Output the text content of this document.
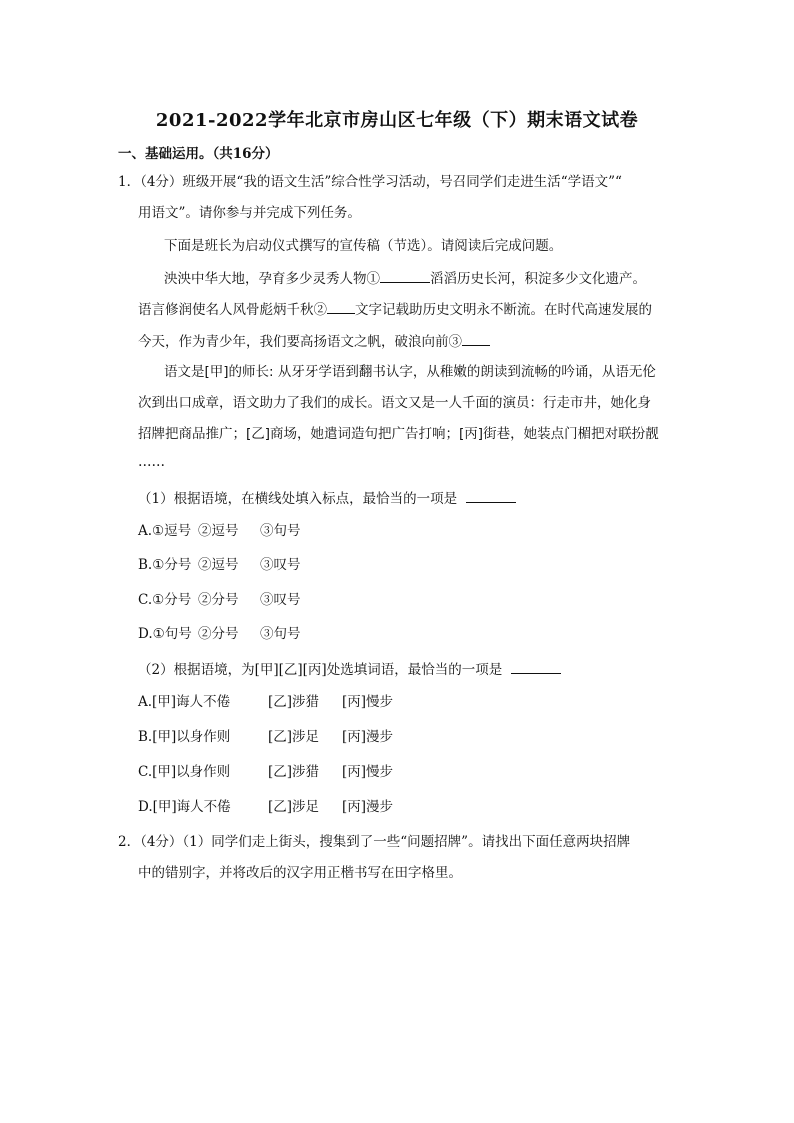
2021-2022学年北京市房山区七年级（下）期末语文试卷
一、基础运用。（共16分）
1．（4分）班级开展“我的语文生活”综合性学习活动，号召同学们走进生活“学语文”“
用语文”。请你参与并完成下列任务。
下面是班长为启动仪式撰写的宣传稿（节选）。请阅读后完成问题。
泱泱中华大地，孕育多少灵秀人物①	滔滔历史长河，积淀多少文化遗产。
语言修润使名人风骨彪炳千秋② 文字记载助历史文明永不断流。在时代高速发展的
今天，作为青少年，我们要高扬语文之帆，破浪向前③
语文是[甲]的师长: 从牙牙学语到翻书认字，从稚嫩的朗读到流畅的吟诵，从语无伦
次到出口成章，语文助力了我们的成长。语文又是一人千面的演员：行走市井，她化身
招牌把商品推广；[乙]商场，她遣词造句把广告打响；[丙]街巷，她装点门楣把对联扮靓
……
（1）根据语境，在横线处填入标点，最恰当的一项是
A.①逗号 ②逗号 ③句号
B.①分号 ②逗号 ③叹号
C.①分号 ②分号 ③叹号
D.①句号 ②分号 ③句号
（2）根据语境，为[甲][乙][丙]处选填词语，最恰当的一项是
A.[甲]诲人不倦	[乙]涉猎 [丙]慢步
B.[甲]以身作则	[乙]涉足 [丙]漫步
C.[甲]以身作则	[乙]涉猎 [丙]慢步
D.[甲]诲人不倦	[乙]涉足 [丙]漫步
2．（4分）（1）同学们走上街头，搜集到了一些“问题招牌”。请找出下面任意两块招牌
中的错别字，并将改后的汉字用正楷书写在田字格里。
